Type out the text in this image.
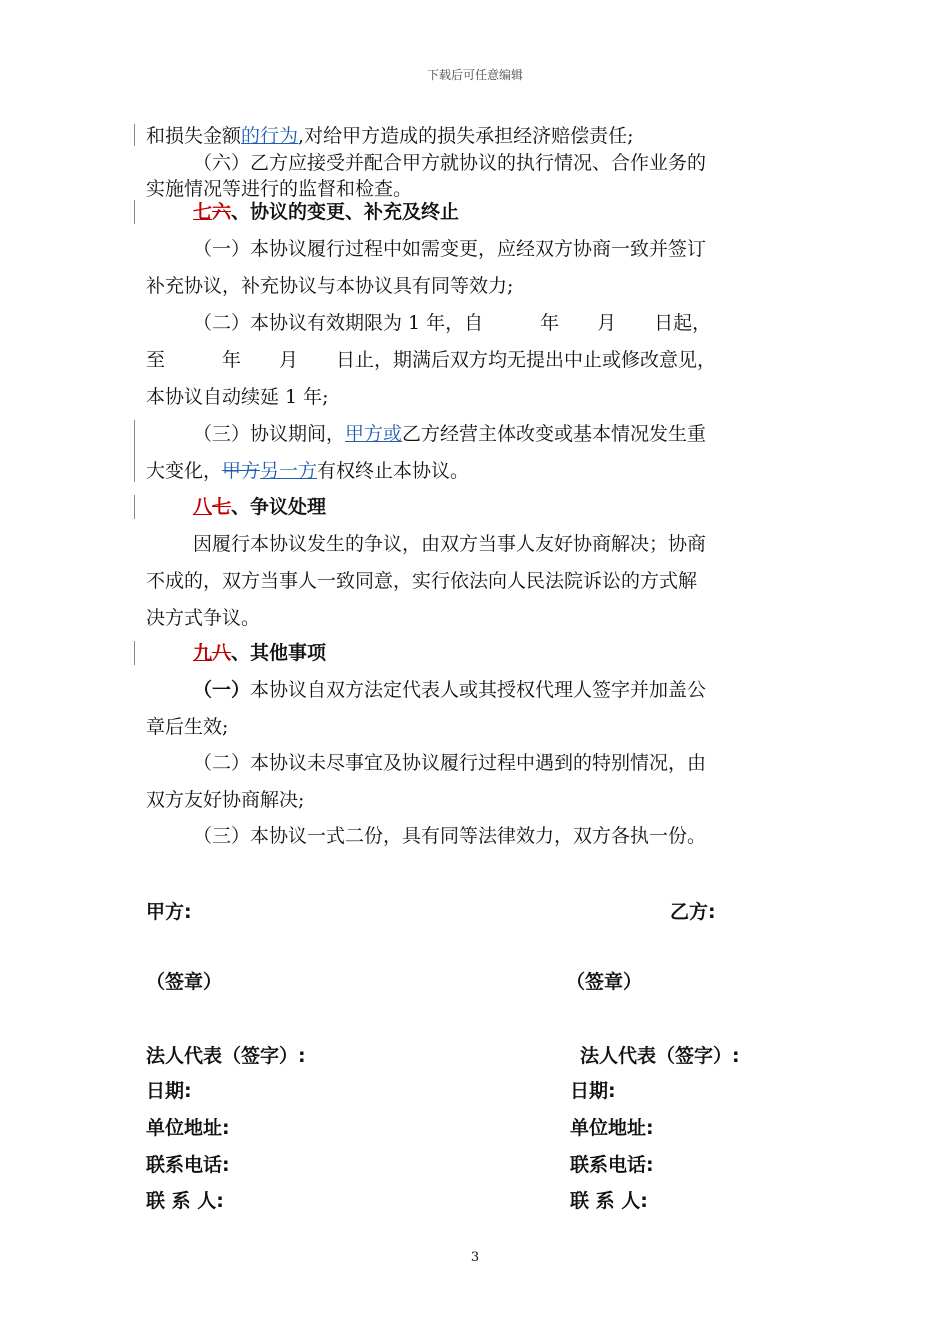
下载后可任意编辑
和损失金额的行为,对给甲方造成的损失承担经济赔偿责任;
（六）乙方应接受并配合甲方就协议的执行情况、合作业务的
实施情况等进行的监督和检查。
七六、协议的变更、补充及终止
（一）本协议履行过程中如需变更，应经双方协商一致并签订
补充协议，补充协议与本协议具有同等效力;
（二）本协议有效期限为 1 年，自　　　年　　月　　日起，
至　　　年　　月　　日止，期满后双方均无提出中止或修改意见，
本协议自动续延 1 年;
（三）协议期间，甲方或乙方经营主体改变或基本情况发生重
大变化，甲方另一方有权终止本协议。
八七、争议处理
因履行本协议发生的争议，由双方当事人友好协商解决；协商
不成的，双方当事人一致同意，实行依法向人民法院诉讼的方式解
决方式争议。
九八、其他事项
（一）本协议自双方法定代表人或其授权代理人签字并加盖公
章后生效;
（二）本协议未尽事宜及协议履行过程中遇到的特别情况，由
双方友好协商解决;
（三）本协议一式二份，具有同等法律效力，双方各执一份。
甲方:	乙方:
（签章）	（签章）
法人代表（签字）:	法人代表（签字）:
日期:	日期:
单位地址:	单位地址:
联系电话:	联系电话:
联 系 人:	联 系 人:
3
